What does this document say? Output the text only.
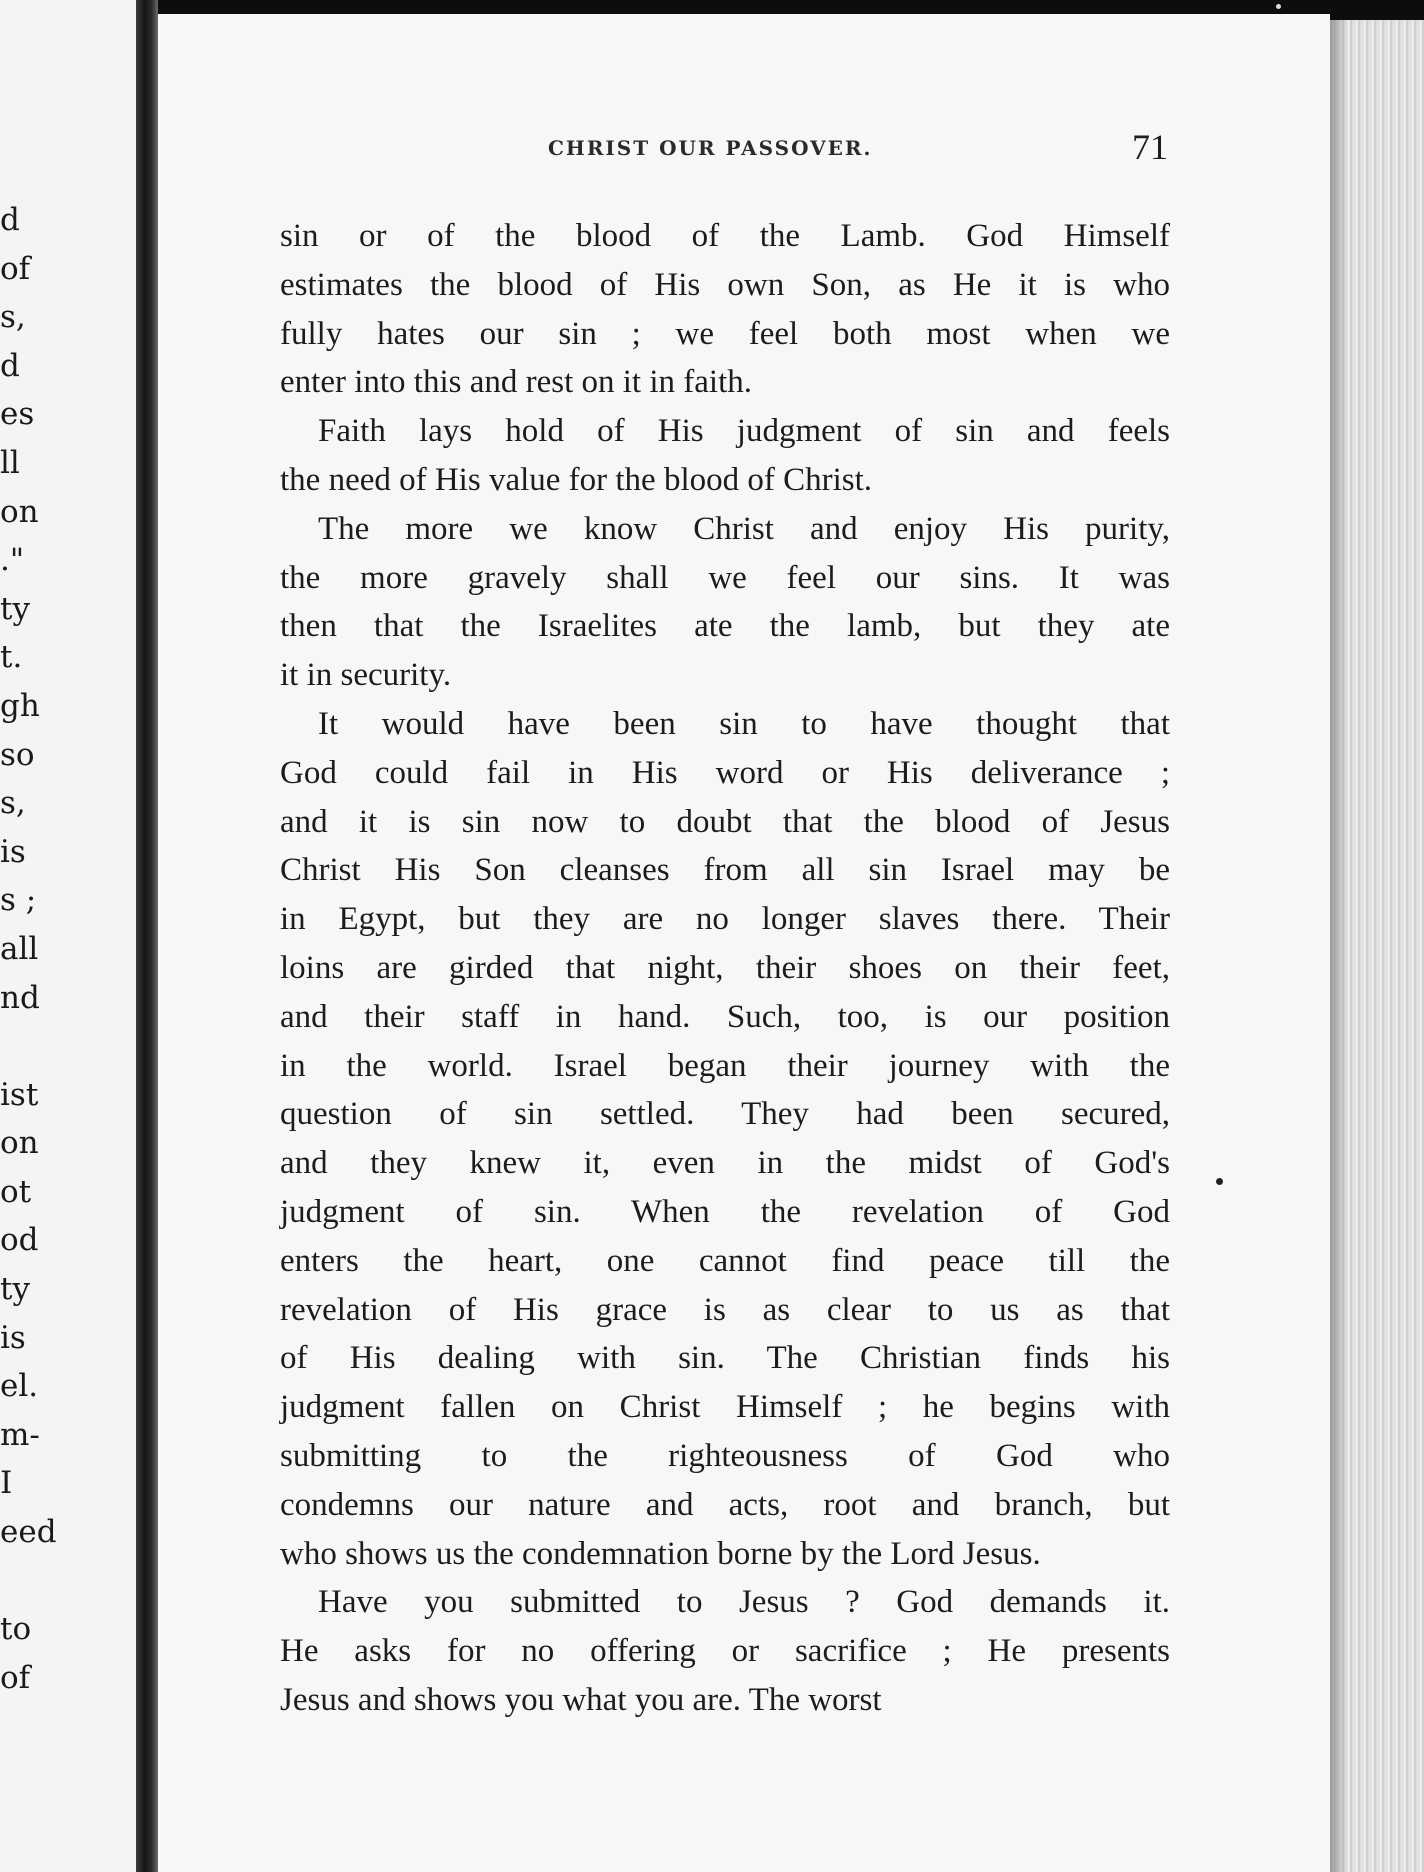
d
of
s,
d
es
ll
on
."
ty
t.
gh
so
s,
is
s ;
all
nd
ist
on
ot
od
ty
is
el.
m-
I
eed
to
of
CHRIST OUR PASSOVER.	71
sin or of the blood of the Lamb. God Himself
estimates the blood of His own Son, as He it is who
fully hates our sin ; we feel both most when we
enter into this and rest on it in faith.
Faith lays hold of His judgment of sin and feels
the need of His value for the blood of Christ.
The more we know Christ and enjoy His purity,
the more gravely shall we feel our sins. It was
then that the Israelites ate the lamb, but they ate
it in security.
It would have been sin to have thought that
God could fail in His word or His deliverance ;
and it is sin now to doubt that the blood of Jesus
Christ His Son cleanses from all sin Israel may be
in Egypt, but they are no longer slaves there. Their
loins are girded that night, their shoes on their feet,
and their staff in hand. Such, too, is our position
in the world. Israel began their journey with the
question of sin settled. They had been secured,
and they knew it, even in the midst of God's
judgment of sin. When the revelation of God
enters the heart, one cannot find peace till the
revelation of His grace is as clear to us as that
of His dealing with sin. The Christian finds his
judgment fallen on Christ Himself ; he begins with
submitting to the righteousness of God who
condemns our nature and acts, root and branch, but
who shows us the condemnation borne by the Lord Jesus.
Have you submitted to Jesus ? God demands it.
He asks for no offering or sacrifice ; He presents
Jesus and shows you what you are. The worst
